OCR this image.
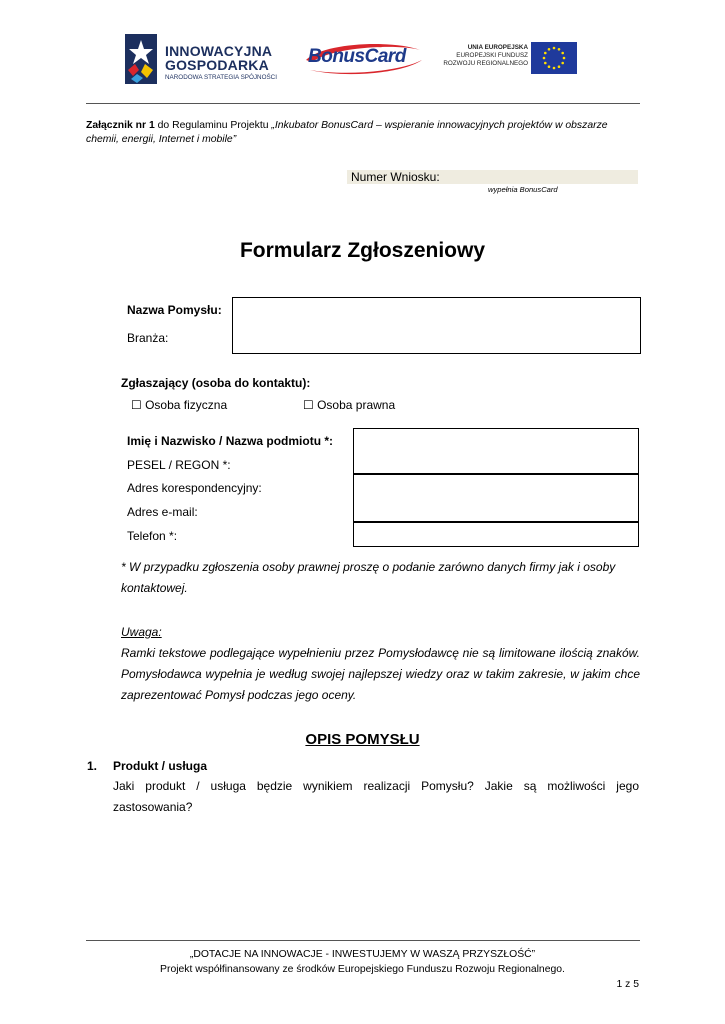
INNOWACYJNA
GOSPODARKA
NARODOWA STRATEGIA SPÓJNOŚCI
BonusCard	UNIA EUROPEJSKA
EUROPEJSKI FUNDUSZ
ROZWOJU REGIONALNEGO
Załącznik nr 1 do Regulaminu Projektu „Inkubator BonusCard – wspieranie innowacyjnych projektów w obszarze chemii, energii, Internet i mobile”
Numer Wniosku:
wypełnia BonusCard
Formularz Zgłoszeniowy
Nazwa Pomysłu:
Branża:
Zgłaszający (osoba do kontaktu):
☐ Osoba fizyczna	☐ Osoba prawna
Imię i Nazwisko / Nazwa podmiotu *:
PESEL / REGON *:
Adres korespondencyjny:
Adres e-mail:
Telefon *:
* W przypadku zgłoszenia osoby prawnej proszę o podanie zarówno danych firmy jak i osoby kontaktowej.
Uwaga:
Ramki tekstowe podlegające wypełnieniu przez Pomysłodawcę nie są limitowane ilością znaków. Pomysłodawca wypełnia je według swojej najlepszej wiedzy oraz w takim zakresie, w jakim chce zaprezentować Pomysł podczas jego oceny.
OPIS POMYSŁU
1. Produkt / usługa
Jaki produkt / usługa będzie wynikiem realizacji Pomysłu? Jakie są możliwości jego zastosowania?
„DOTACJE NA INNOWACJE - INWESTUJEMY W WASZĄ PRZYSZŁOŚĆ”
Projekt współfinansowany ze środków Europejskiego Funduszu Rozwoju Regionalnego.
1 z 5
